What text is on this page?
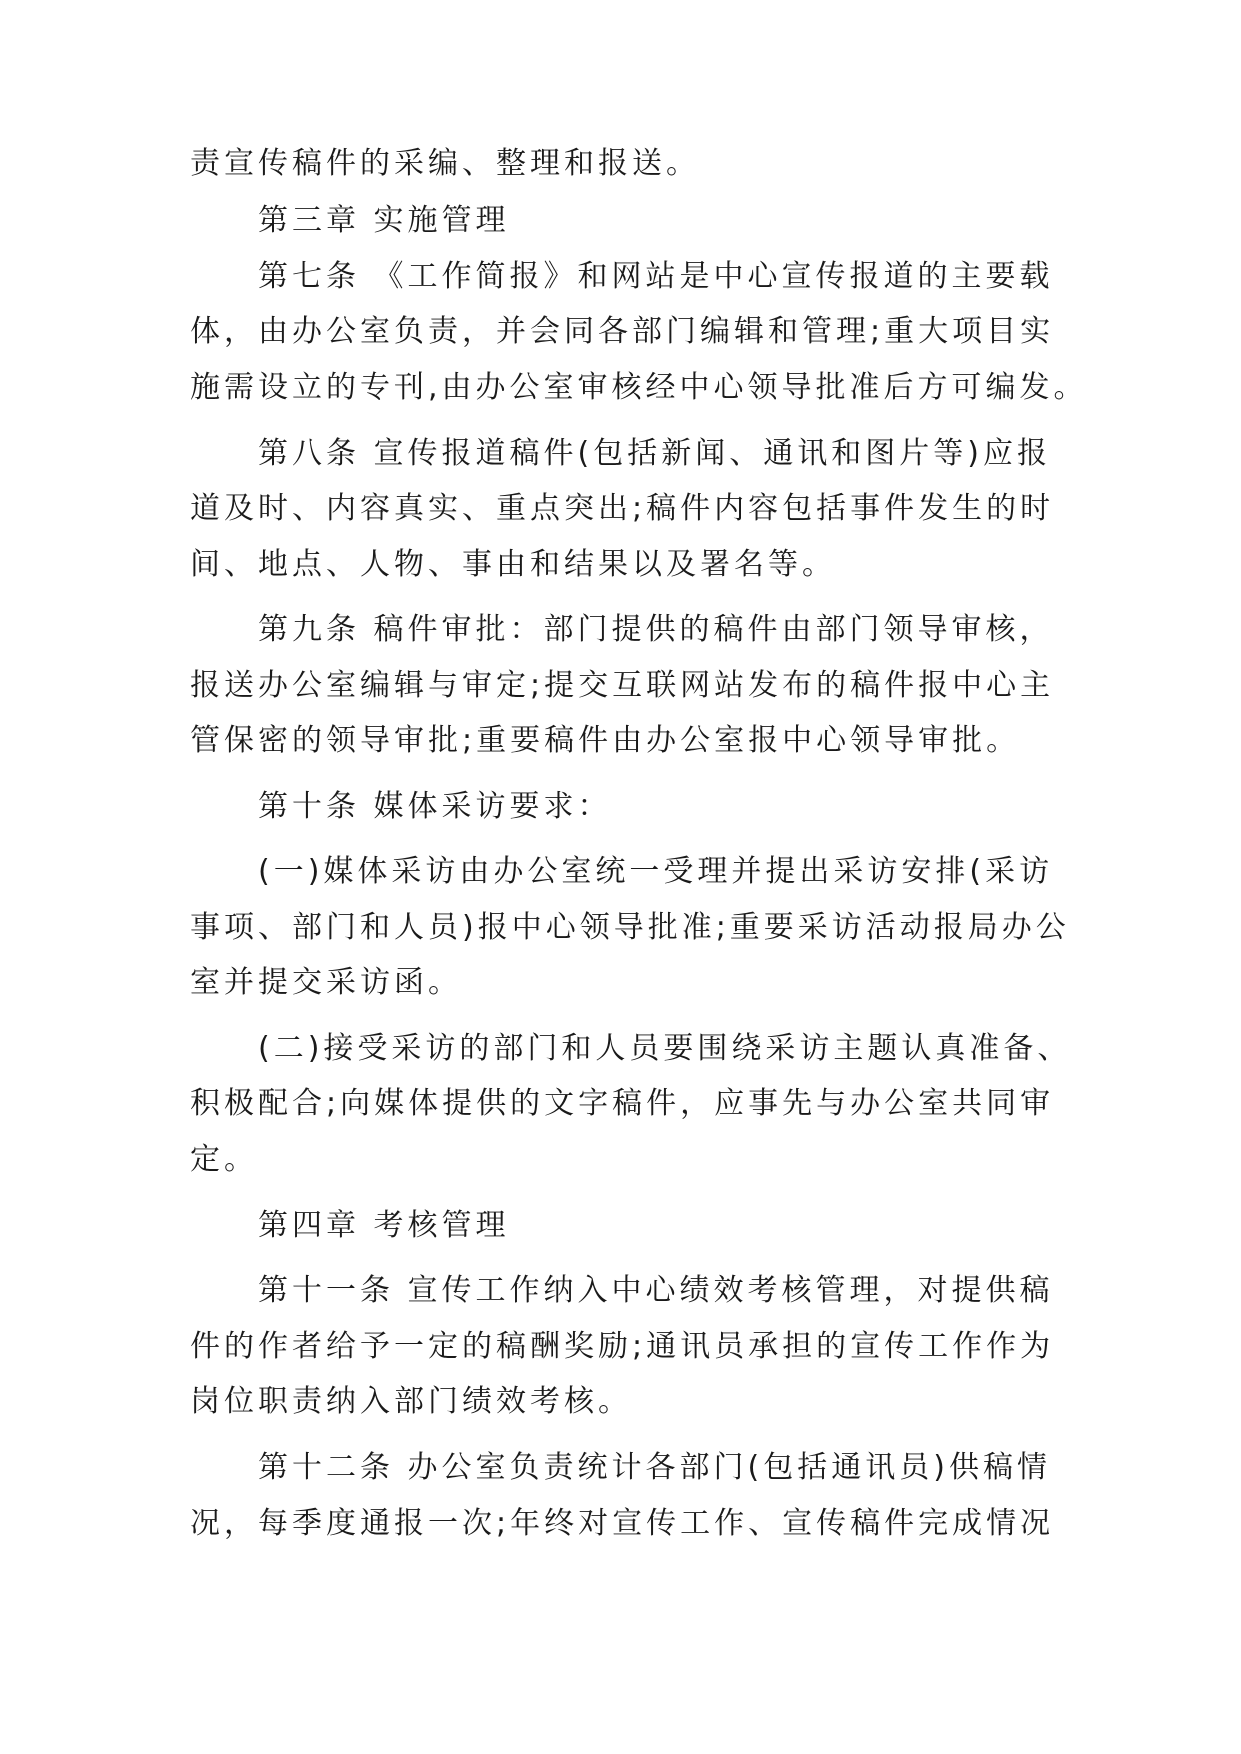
责宣传稿件的采编、整理和报送。
第三章 实施管理
第七条 《工作简报》和网站是中心宣传报道的主要载
体，由办公室负责，并会同各部门编辑和管理;重大项目实
施需设立的专刊,由办公室审核经中心领导批准后方可编发。
第八条 宣传报道稿件(包括新闻、通讯和图片等)应报
道及时、内容真实、重点突出;稿件内容包括事件发生的时
间、地点、人物、事由和结果以及署名等。
第九条 稿件审批：部门提供的稿件由部门领导审核，
报送办公室编辑与审定;提交互联网站发布的稿件报中心主
管保密的领导审批;重要稿件由办公室报中心领导审批。
第十条 媒体采访要求：
(一)媒体采访由办公室统一受理并提出采访安排(采访
事项、部门和人员)报中心领导批准;重要采访活动报局办公
室并提交采访函。
(二)接受采访的部门和人员要围绕采访主题认真准备、
积极配合;向媒体提供的文字稿件，应事先与办公室共同审
定。
第四章 考核管理
第十一条 宣传工作纳入中心绩效考核管理，对提供稿
件的作者给予一定的稿酬奖励;通讯员承担的宣传工作作为
岗位职责纳入部门绩效考核。
第十二条 办公室负责统计各部门(包括通讯员)供稿情
况，每季度通报一次;年终对宣传工作、宣传稿件完成情况
